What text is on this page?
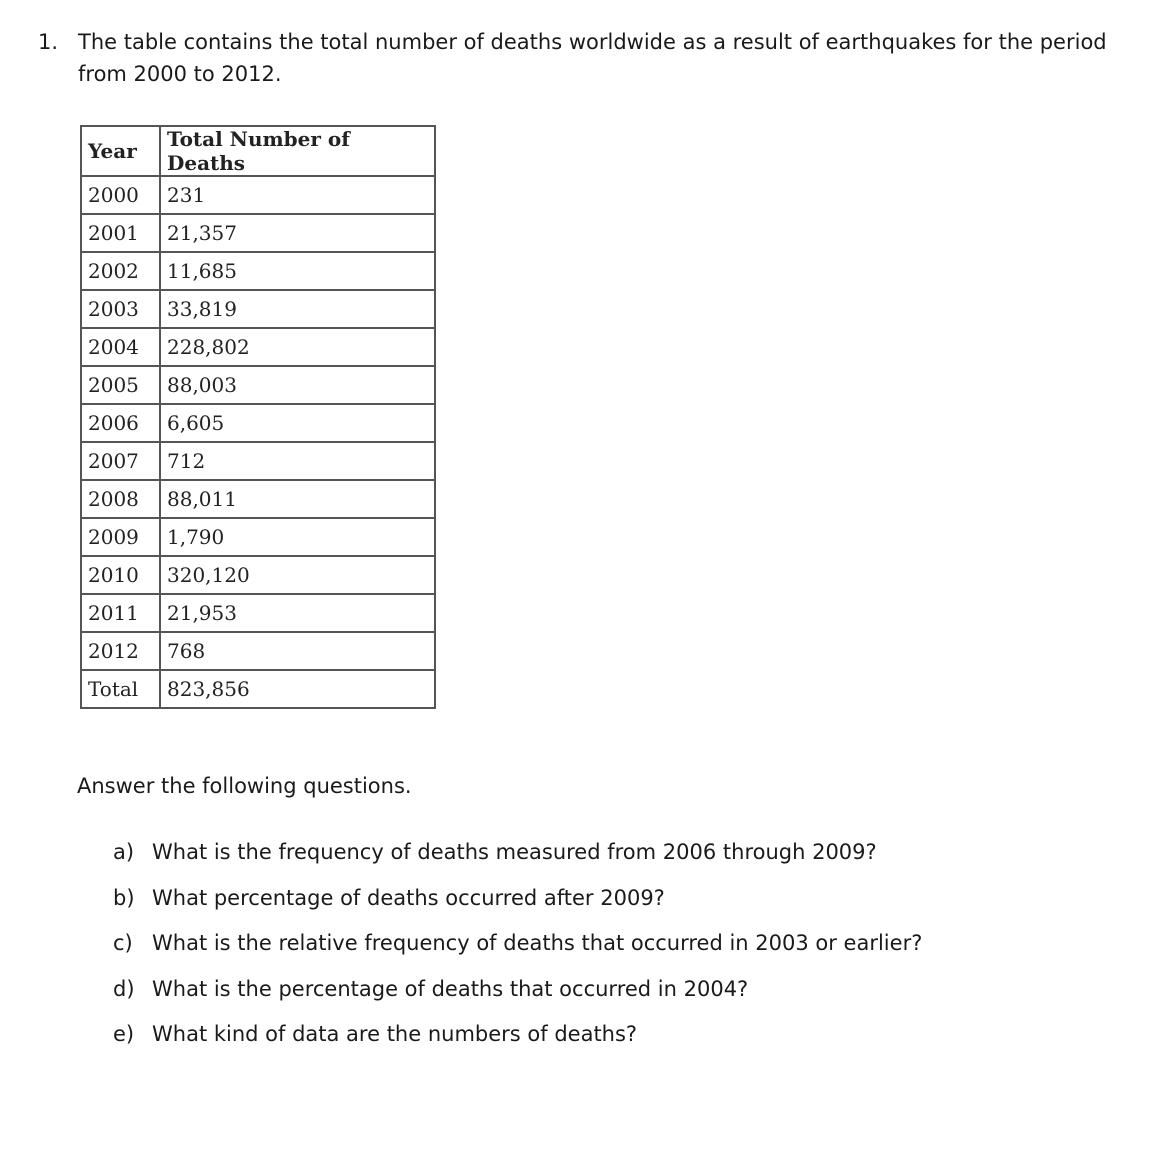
1. The table contains the total number of deaths worldwide as a result of earthquakes for the period from 2000 to 2012.
Year	Total Number of Deaths
2000	231
2001	21,357
2002	11,685
2003	33,819
2004	228,802
2005	88,003
2006	6,605
2007	712
2008	88,011
2009	1,790
2010	320,120
2011	21,953
2012	768
Total	823,856
Answer the following questions.
a) What is the frequency of deaths measured from 2006 through 2009?
b) What percentage of deaths occurred after 2009?
c) What is the relative frequency of deaths that occurred in 2003 or earlier?
d) What is the percentage of deaths that occurred in 2004?
e) What kind of data are the numbers of deaths?
